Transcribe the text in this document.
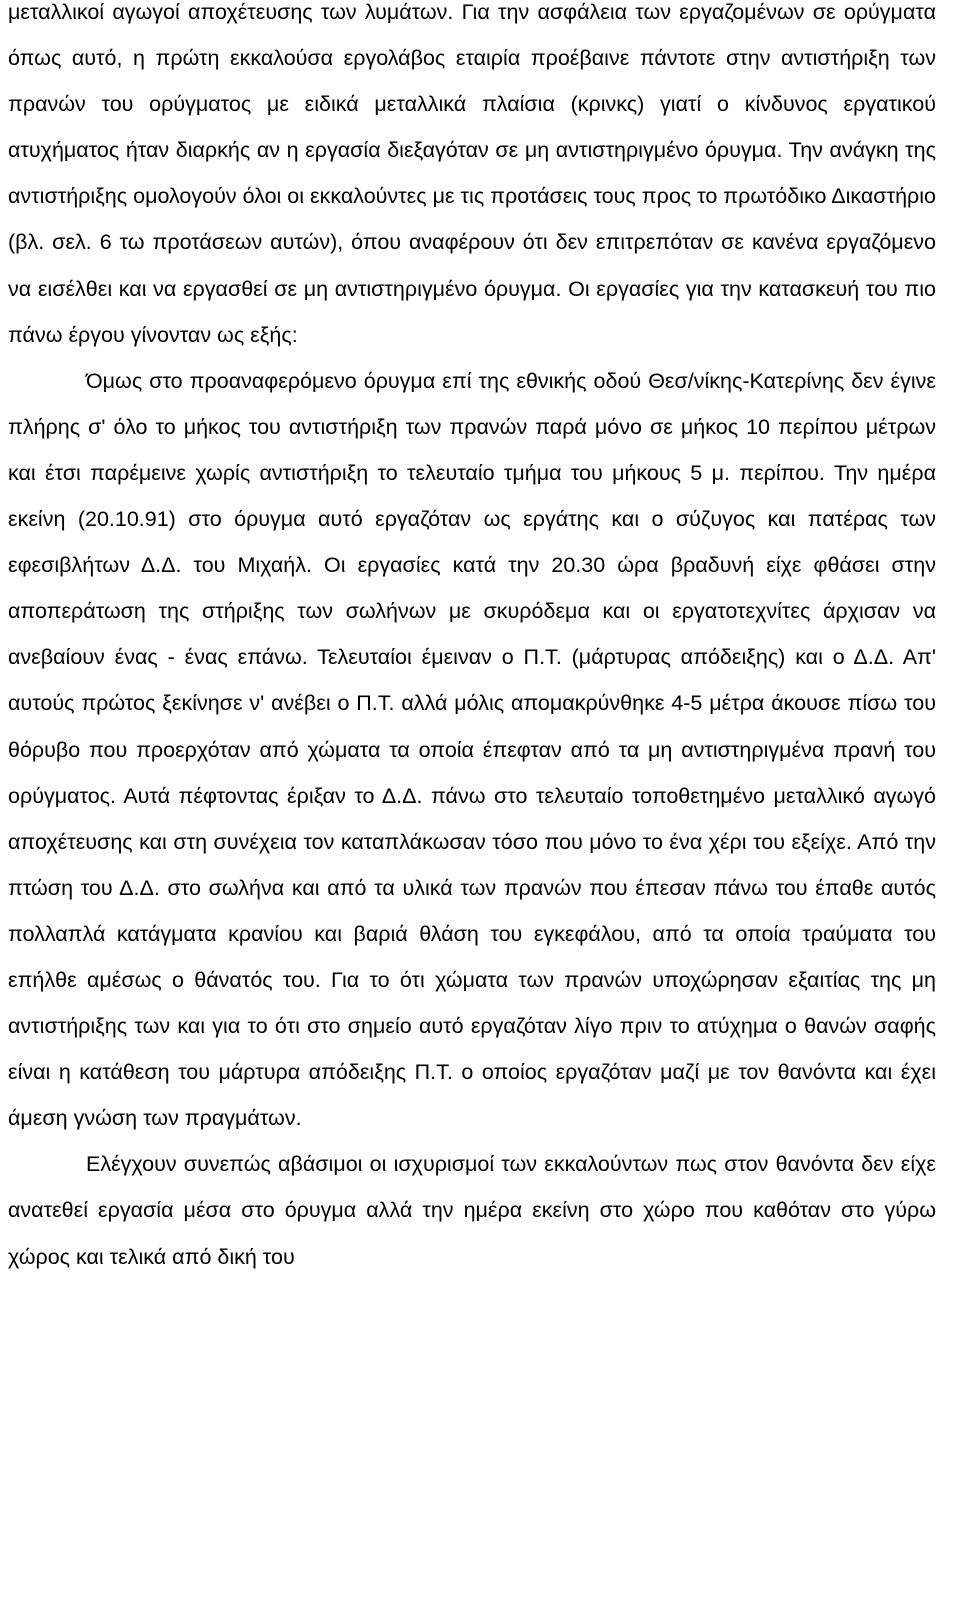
μεταλλικοί αγωγοί αποχέτευσης των λυμάτων. Για την ασφάλεια των εργαζομένων σε ορύγματα όπως αυτό, η πρώτη εκκαλούσα εργολάβος εταιρία προέβαινε πάντοτε στην αντιστήριξη των πρανών του ορύγματος με ειδικά μεταλλικά πλαίσια (κρινκς) γιατί ο κίνδυνος εργατικού ατυχήματος ήταν διαρκής αν η εργασία διεξαγόταν σε μη αντιστηριγμένο όρυγμα. Την ανάγκη της αντιστήριξης ομολογούν όλοι οι εκκαλούντες με τις προτάσεις τους προς το πρωτόδικο Δικαστήριο (βλ. σελ. 6 τω προτάσεων αυτών), όπου αναφέρουν ότι δεν επιτρεπόταν σε κανένα εργαζόμενο να εισέλθει και να εργασθεί σε μη αντιστηριγμένο όρυγμα. Οι εργασίες για την κατασκευή του πιο πάνω έργου γίνονταν ως εξής:

Όμως στο προαναφερόμενο όρυγμα επί της εθνικής οδού Θεσ/νίκης-Κατερίνης δεν έγινε πλήρης σ' όλο το μήκος του αντιστήριξη των πρανών παρά μόνο σε μήκος 10 περίπου μέτρων και έτσι παρέμεινε χωρίς αντιστήριξη το τελευταίο τμήμα του μήκους 5 μ. περίπου. Την ημέρα εκείνη (20.10.91) στο όρυγμα αυτό εργαζόταν ως εργάτης και ο σύζυγος και πατέρας των εφεσιβλήτων Δ.Δ. του Μιχαήλ. Οι εργασίες κατά την 20.30 ώρα βραδυνή είχε φθάσει στην αποπεράτωση της στήριξης των σωλήνων με σκυρόδεμα και οι εργατοτεχνίτες άρχισαν να ανεβαίουν ένας - ένας επάνω. Τελευταίοι έμειναν ο Π.Τ. (μάρτυρας απόδειξης) και ο Δ.Δ. Απ' αυτούς πρώτος ξεκίνησε ν' ανέβει ο Π.Τ. αλλά μόλις απομακρύνθηκε 4-5 μέτρα άκουσε πίσω του θόρυβο που προερχόταν από χώματα τα οποία έπεφταν από τα μη αντιστηριγμένα πρανή του ορύγματος. Αυτά πέφτοντας έριξαν το Δ.Δ. πάνω στο τελευταίο τοποθετημένο μεταλλικό αγωγό αποχέτευσης και στη συνέχεια τον καταπλάκωσαν τόσο που μόνο το ένα χέρι του εξείχε. Από την πτώση του Δ.Δ. στο σωλήνα και από τα υλικά των πρανών που έπεσαν πάνω του έπαθε αυτός πολλαπλά κατάγματα κρανίου και βαριά θλάση του εγκεφάλου, από τα οποία τραύματα του επήλθε αμέσως ο θάνατός του. Για το ότι χώματα των πρανών υποχώρησαν εξαιτίας της μη αντιστήριξης των και για το ότι στο σημείο αυτό εργαζόταν λίγο πριν το ατύχημα ο θανών σαφής είναι η κατάθεση του μάρτυρα απόδειξης Π.Τ. ο οποίος εργαζόταν μαζί με τον θανόντα και έχει άμεση γνώση των πραγμάτων.

Ελέγχουν συνεπώς αβάσιμοι οι ισχυρισμοί των εκκαλούντων πως στον θανόντα δεν είχε ανατεθεί εργασία μέσα στο όρυγμα αλλά την ημέρα εκείνη στο χώρο που καθόταν στο γύρω χώρος και τελικά από δική του
